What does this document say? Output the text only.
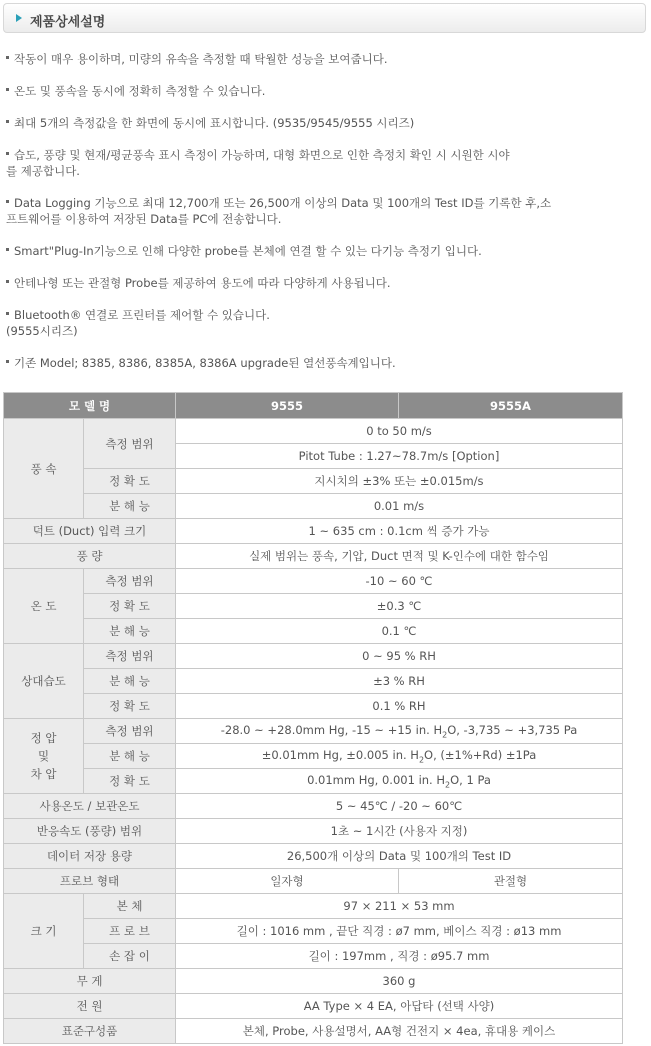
제품상세설명
작동이 매우 용이하며, 미량의 유속을 측정할 때 탁월한 성능을 보여줍니다.
온도 및 풍속을 동시에 정확히 측정할 수 있습니다.
최대 5개의 측정값을 한 화면에 동시에 표시합니다. (9535/9545/9555 시리즈)
습도, 풍량 및 현재/평균풍속 표시 측정이 가능하며, 대형 화면으로 인한 측정치 확인 시 시원한 시야
를 제공합니다.
Data Logging 기능으로 최대 12,700개 또는 26,500개 이상의 Data 및 100개의 Test ID를 기록한 후,소
프트웨어를 이용하여 저장된 Data를 PC에 전송합니다.
Smart"Plug-In기능으로 인해 다양한 probe를 본체에 연결 할 수 있는 다기능 측정기 입니다.
안테나형 또는 관절형 Probe를 제공하여 용도에 따라 다양하게 사용됩니다.
Bluetooth® 연결로 프린터를 제어할 수 있습니다.
(9555시리즈)
기존 Model; 8385, 8386, 8385A, 8386A upgrade된 열선풍속계입니다.
모 델 명		9555	9555A
풍 속	측정 범위	0 to 50 m/s	
		Pitot Tube : 1.27~78.7m/s [Option]	
	정 확 도	지시치의 ±3% 또는 ±0.015m/s	
	분 해 능	0.01 m/s	
덕트 (Duct) 입력 크기		1 ~ 635 cm : 0.1cm 씩 증가 가능	
풍 량		실제 범위는 풍속, 기압, Duct 면적 및 K-인수에 대한 함수임	
온 도	측정 범위	-10 ~ 60 ℃	
	정 확 도	±0.3 ℃	
	분 해 능	0.1 ℃	
상대습도	측정 범위	0 ~ 95 % RH	
	분 해 능	±3 % RH	
	정 확 도	0.1 % RH	
정 압
및
차 압	측정 범위	-28.0 ~ +28.0mm Hg, -15 ~ +15 in. $H_2O$, -3,735 ~ +3,735 Pa	
	분 해 능	±0.01mm Hg, ±0.005 in. $H_2O$, (±1%+Rd) ±1Pa	
	정 확 도	0.01mm Hg, 0.001 in. $H_2O$, 1 Pa	
사용온도 / 보관온도		5 ~ 45℃ / -20 ~ 60℃	
반응속도 (풍량) 범위		1초 ~ 1시간 (사용자 지정)	
데이터 저장 용량		26,500개 이상의 Data 및 100개의 Test ID	
프로브 형태		일자형	관절형
크 기	본 체	97 × 211 × 53 mm	
	프 로 브	길이 : 1016 mm , 끝단 직경 : ø7 mm, 베이스 직경 : ø13 mm	
	손 잡 이	길이 : 197mm , 직경 : ø95.7 mm	
무 게		360 g	
전 원		AA Type × 4 EA, 아답타 (선택 사양)	
표준구성품		본체, Probe, 사용설명서, AA형 건전지 × 4ea, 휴대용 케이스	
